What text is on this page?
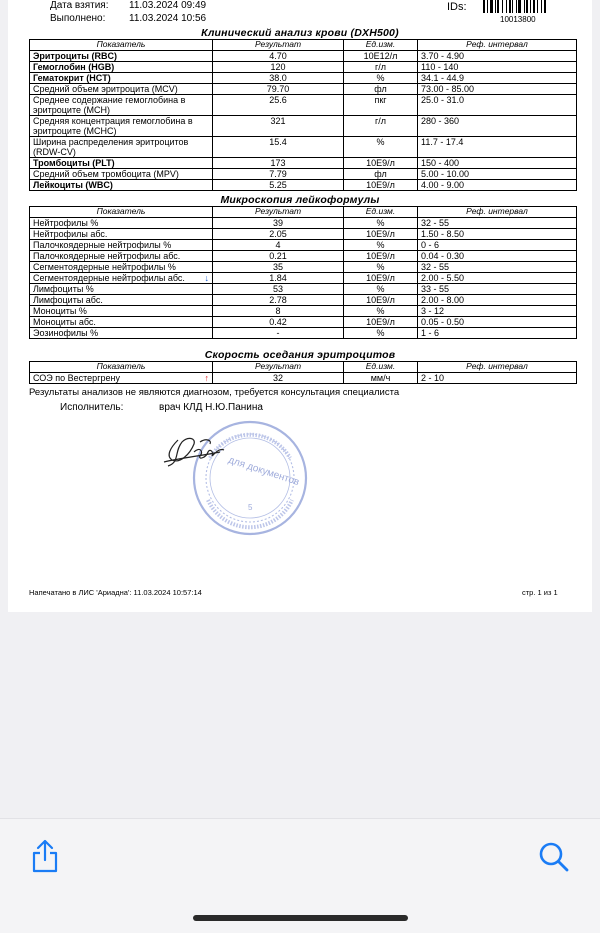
Дата взятия: 11.03.2024 09:49
Выполнено: 11.03.2024 10:56
IDs:
10013800
Клинический анализ крови (DXH500)
Показатель	Результат	Ед.изм.	Реф. интервал
Эритроциты (RBC)	4.70	10E12/л	3.70 - 4.90
Гемоглобин (HGB)	120	г/л	110 - 140
Гематокрит (HCT)	38.0	%	34.1 - 44.9
Средний объем эритроцита (MCV)	79.70	фл	73.00 - 85.00
Среднее содержание гемоглобина в эритроците (MCH)	25.6	пкг	25.0 - 31.0
Средняя концентрация гемоглобина в эритроците (MCHC)	321	г/л	280 - 360
Ширина распределения эритроцитов (RDW-CV)	15.4	%	11.7 - 17.4
Тромбоциты (PLT)	173	10E9/л	150 - 400
Средний объем тромбоцита (MPV)	7.79	фл	5.00 - 10.00
Лейкоциты (WBC)	5.25	10E9/л	4.00 - 9.00
Микроскопия лейкоформулы
Показатель	Результат	Ед.изм.	Реф. интервал
Нейтрофилы %	39	%	32 - 55
Нейтрофилы абс.	2.05	10E9/л	1.50 - 8.50
Палочкоядерные нейтрофилы %	4	%	0 - 6
Палочкоядерные нейтрофилы абс.	0.21	10E9/л	0.04 - 0.30
Сегментоядерные нейтрофилы %	35	%	32 - 55

↓
Сегментоядерные нейтрофилы абс.	1.84	10E9/л	2.00 - 5.50
Лимфоциты %	53	%	33 - 55
Лимфоциты абс.	2.78	10E9/л	2.00 - 8.00
Моноциты %	8	%	3 - 12
Моноциты абс.	0.42	10E9/л	0.05 - 0.50
Эозинофилы %	-	%	1 - 6
Скорость оседания эритроцитов
Показатель	Результат	Ед.изм.	Реф. интервал

↑
СОЭ по Вестергрену	32	мм/ч	2 - 10
Результаты анализов не являются диагнозом, требуется консультация специалиста
Исполнитель:	врач КЛД Н.Ю.Панина
для документов
5
Напечатано в ЛИС 'Ариадна': 11.03.2024 10:57:14	стр. 1 из 1
